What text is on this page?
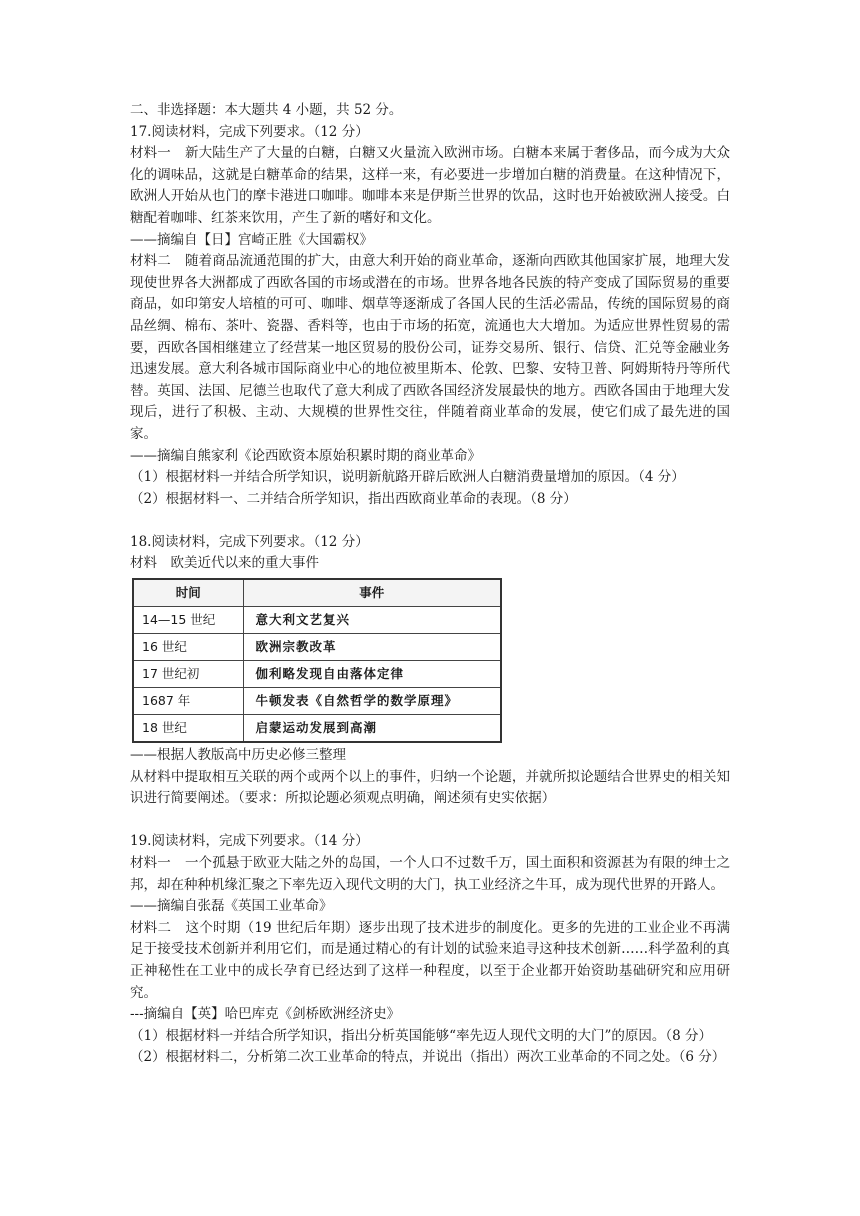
二、非选择题：本大题共 4 小题，共 52 分。
17.阅读材料，完成下列要求。（12 分）
材料一 新大陆生产了大量的白糖，白糖又火量流入欧洲市场。白糖本来属于奢侈品，而今成为大众化的调味品，这就是白糖革命的结果，这样一来，有必要进一步增加白糖的消费量。在这种情况下，欧洲人开始从也门的摩卡港进口咖啡。咖啡本来是伊斯兰世界的饮品，这时也开始被欧洲人接受。白糖配着咖啡、红茶来饮用，产生了新的嗜好和文化。
——摘编自【日】宫崎正胜《大国霸权》
材料二 随着商品流通范围的扩大，由意大利开始的商业革命，逐渐向西欧其他国家扩展，地理大发现使世界各大洲都成了西欧各国的市场或潜在的市场。世界各地各民族的特产变成了国际贸易的重要商品，如印第安人培植的可可、咖啡、烟草等逐渐成了各国人民的生活必需品，传统的国际贸易的商品丝绸、棉布、茶叶、瓷器、香料等，也由于市场的拓宽，流通也大大增加。为适应世界性贸易的需要，西欧各国相继建立了经营某一地区贸易的股份公司，证券交易所、银行、信贷、汇兑等金融业务迅速发展。意大利各城市国际商业中心的地位被里斯本、伦敦、巴黎、安特卫普、阿姆斯特丹等所代替。英国、法国、尼德兰也取代了意大利成了西欧各国经济发展最快的地方。西欧各国由于地理大发现后，进行了积极、主动、大规模的世界性交往，伴随着商业革命的发展，使它们成了最先进的国家。
——摘编自熊家利《论西欧资本原始积累时期的商业革命》
（1）根据材料一并结合所学知识，说明新航路开辟后欧洲人白糖消费量增加的原因。（4 分）
（2）根据材料一、二并结合所学知识，指出西欧商业革命的表现。（8 分）
18.阅读材料，完成下列要求。（12 分）
材料　欧美近代以来的重大事件
时间	事件
14—15 世纪	意大利文艺复兴
16 世纪	欧洲宗教改革
17 世纪初	伽利略发现自由落体定律
1687 年	牛顿发表《自然哲学的数学原理》
18 世纪	启蒙运动发展到高潮
——根据人教版高中历史必修三整理
从材料中提取相互关联的两个或两个以上的事件，归纳一个论题，并就所拟论题结合世界史的相关知识进行简要阐述。（要求：所拟论题必须观点明确，阐述须有史实依据）
19.阅读材料，完成下列要求。（14 分）
材料一 一个孤悬于欧亚大陆之外的岛国，一个人口不过数千万，国土面积和资源甚为有限的绅士之邦，却在种种机缘汇聚之下率先迈入现代文明的大门，执工业经济之牛耳，成为现代世界的开路人。
——摘编自张磊《英国工业革命》
材料二 这个时期（19 世纪后年期）逐步出现了技术进步的制度化。更多的先进的工业企业不再满足于接受技术创新并利用它们，而是通过精心的有计划的试验来追寻这种技术创新……科学盈利的真正神秘性在工业中的成长孕育已经达到了这样一种程度，以至于企业都开始资助基础研究和应用研究。
---摘编自【英】哈巴库克《剑桥欧洲经济史》
（1）根据材料一并结合所学知识，指出分析英国能够“率先迈人现代文明的大门”的原因。（8 分）
（2）根据材料二，分析第二次工业革命的特点，并说出（指出）两次工业革命的不同之处。（6 分）
